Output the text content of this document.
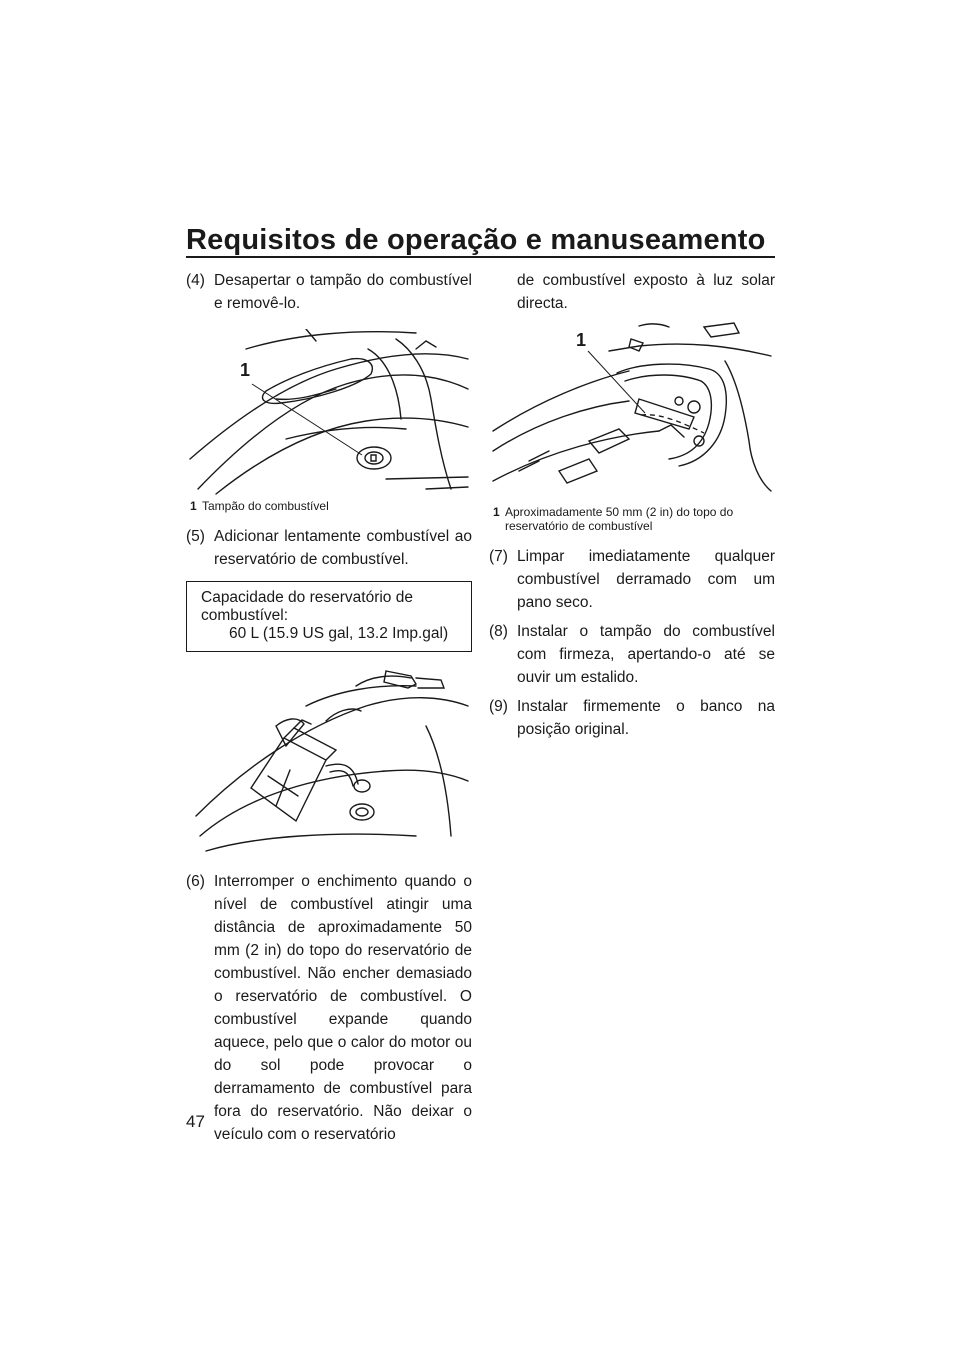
Requisitos de operação e manuseamento
(4) Desapertar o tampão do combustível e removê-lo.
1
1 Tampão do combustível
(5) Adicionar lentamente combustível ao reservatório de combustível.
Capacidade do reservatório de combustível:
60 L (15.9 US gal, 13.2 Imp.gal)
(6) Interromper o enchimento quando o nível de combustível atingir uma distância de aproximadamente 50 mm (2 in) do topo do reservatório de combustível. Não encher demasiado o reservatório de combustível. O combustível expande quando aquece, pelo que o calor do motor ou do sol pode provocar o derramamento de combustível para fora do reservatório. Não deixar o veículo com o reservatório
de combustível exposto à luz solar directa.
1
1 Aproximadamente 50 mm (2 in) do topo do reservatório de combustível
(7) Limpar imediatamente qualquer combustível derramado com um pano seco.
(8) Instalar o tampão do combustível com firmeza, apertando-o até se ouvir um estalido.
(9) Instalar firmemente o banco na posição original.
47
